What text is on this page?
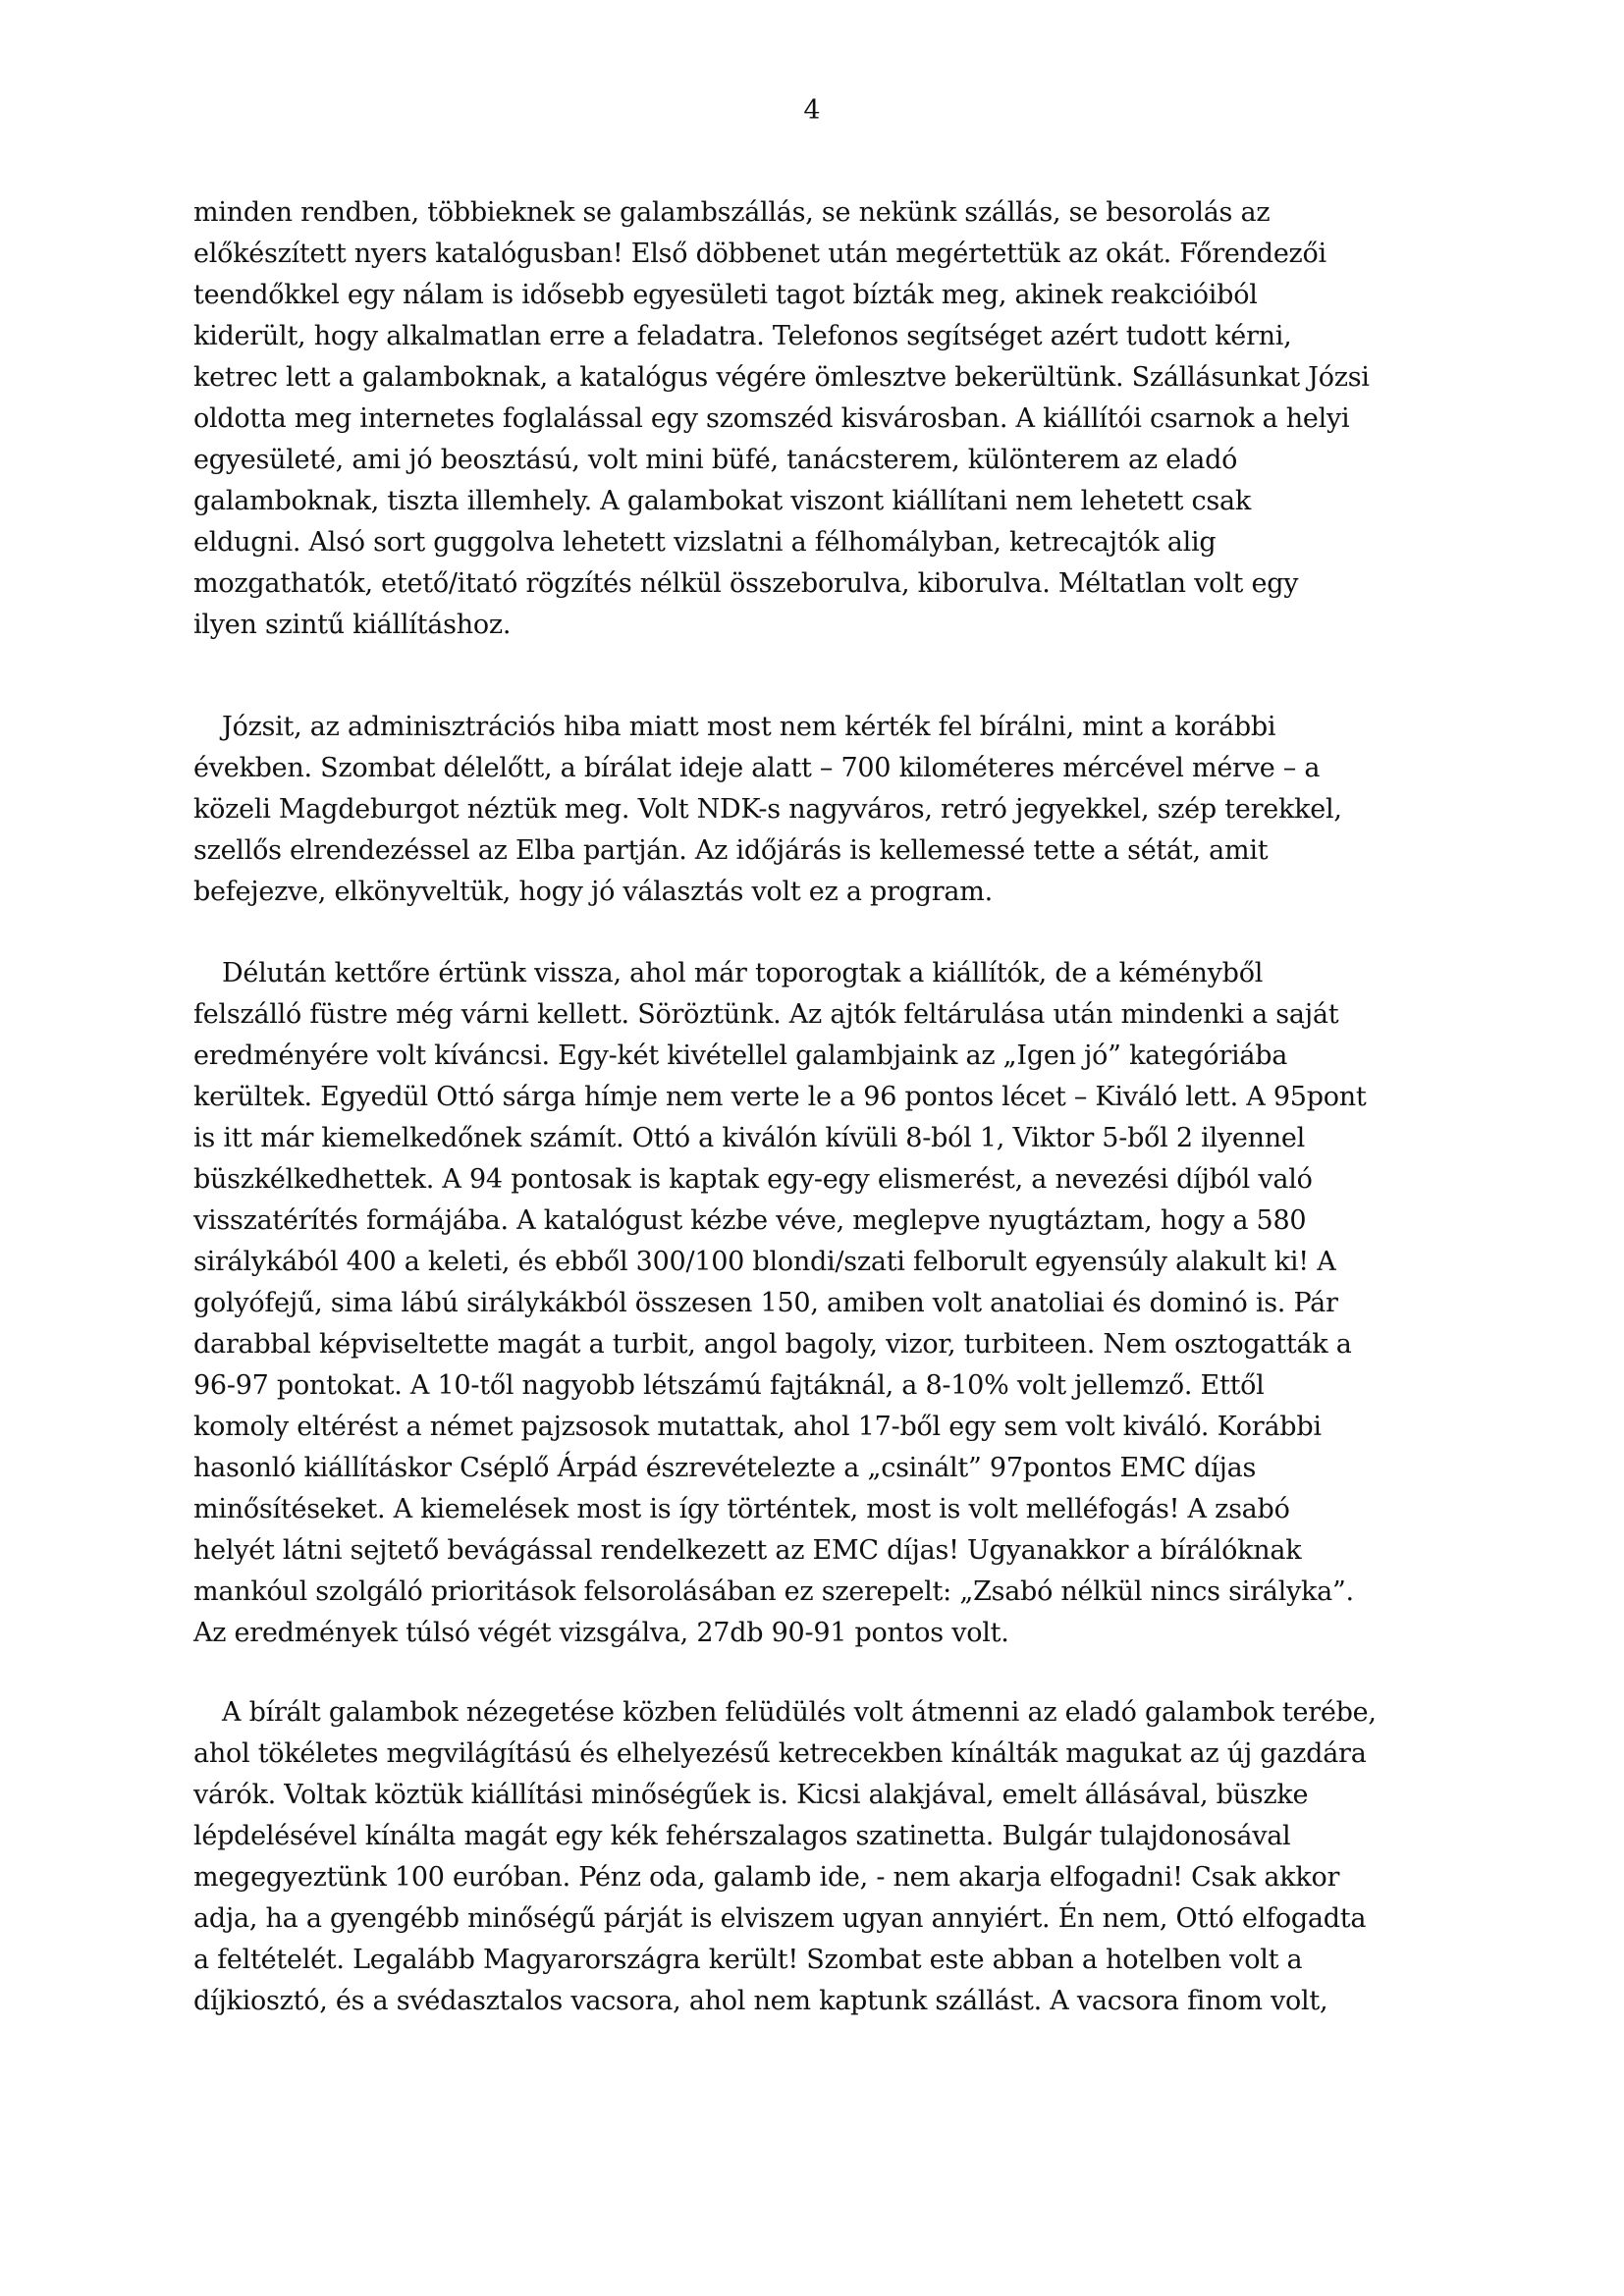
4
minden rendben, többieknek se galambszállás, se nekünk szállás, se besorolás az
előkészített nyers katalógusban! Első döbbenet után megértettük az okát. Főrendezői
teendőkkel egy nálam is idősebb egyesületi tagot bízták meg, akinek reakcióiból
kiderült, hogy alkalmatlan erre a feladatra. Telefonos segítséget azért tudott kérni,
ketrec lett a galamboknak, a katalógus végére ömlesztve bekerültünk. Szállásunkat Józsi
oldotta meg internetes foglalással egy szomszéd kisvárosban. A kiállítói csarnok a helyi
egyesületé, ami jó beosztású, volt mini büfé, tanácsterem, különterem az eladó
galamboknak, tiszta illemhely. A galambokat viszont kiállítani nem lehetett csak
eldugni. Alsó sort guggolva lehetett vizslatni a félhomályban, ketrecajtók alig
mozgathatók, etető/itató rögzítés nélkül összeborulva, kiborulva. Méltatlan volt egy
ilyen szintű kiállításhoz.
Józsit, az adminisztrációs hiba miatt most nem kérték fel bírálni, mint a korábbi
években. Szombat délelőtt, a bírálat ideje alatt – 700 kilométeres mércével mérve – a
közeli Magdeburgot néztük meg. Volt NDK-s nagyváros, retró jegyekkel, szép terekkel,
szellős elrendezéssel az Elba partján. Az időjárás is kellemessé tette a sétát, amit
befejezve, elkönyveltük, hogy jó választás volt ez a program.
Délután kettőre értünk vissza, ahol már toporogtak a kiállítók, de a kéményből
felszálló füstre még várni kellett. Söröztünk. Az ajtók feltárulása után mindenki a saját
eredményére volt kíváncsi. Egy-két kivétellel galambjaink az „Igen jó” kategóriába
kerültek. Egyedül Ottó sárga hímje nem verte le a 96 pontos lécet – Kiváló lett. A 95pont
is itt már kiemelkedőnek számít. Ottó a kiválón kívüli 8-ból 1, Viktor 5-ből 2 ilyennel
büszkélkedhettek. A 94 pontosak is kaptak egy-egy elismerést, a nevezési díjból való
visszatérítés formájába. A katalógust kézbe véve, meglepve nyugtáztam, hogy a 580
sirálykából 400 a keleti, és ebből 300/100 blondi/szati felborult egyensúly alakult ki! A
golyófejű, sima lábú sirálykákból összesen 150, amiben volt anatoliai és dominó is. Pár
darabbal képviseltette magát a turbit, angol bagoly, vizor, turbiteen. Nem osztogatták a
96-97 pontokat. A 10-től nagyobb létszámú fajtáknál, a 8-10% volt jellemző. Ettől
komoly eltérést a német pajzsosok mutattak, ahol 17-ből egy sem volt kiváló. Korábbi
hasonló kiállításkor Cséplő Árpád észrevételezte a „csinált” 97pontos EMC díjas
minősítéseket. A kiemelések most is így történtek, most is volt melléfogás! A zsabó
helyét látni sejtető bevágással rendelkezett az EMC díjas! Ugyanakkor a bírálóknak
mankóul szolgáló prioritások felsorolásában ez szerepelt: „Zsabó nélkül nincs sirályka”.
Az eredmények túlsó végét vizsgálva, 27db 90-91 pontos volt.
A bírált galambok nézegetése közben felüdülés volt átmenni az eladó galambok terébe,
ahol tökéletes megvilágítású és elhelyezésű ketrecekben kínálták magukat az új gazdára
várók. Voltak köztük kiállítási minőségűek is. Kicsi alakjával, emelt állásával, büszke
lépdelésével kínálta magát egy kék fehérszalagos szatinetta. Bulgár tulajdonosával
megegyeztünk 100 euróban. Pénz oda, galamb ide, - nem akarja elfogadni! Csak akkor
adja, ha a gyengébb minőségű párját is elviszem ugyan annyiért. Én nem, Ottó elfogadta
a feltételét. Legalább Magyarországra került! Szombat este abban a hotelben volt a
díjkiosztó, és a svédasztalos vacsora, ahol nem kaptunk szállást. A vacsora finom volt,
